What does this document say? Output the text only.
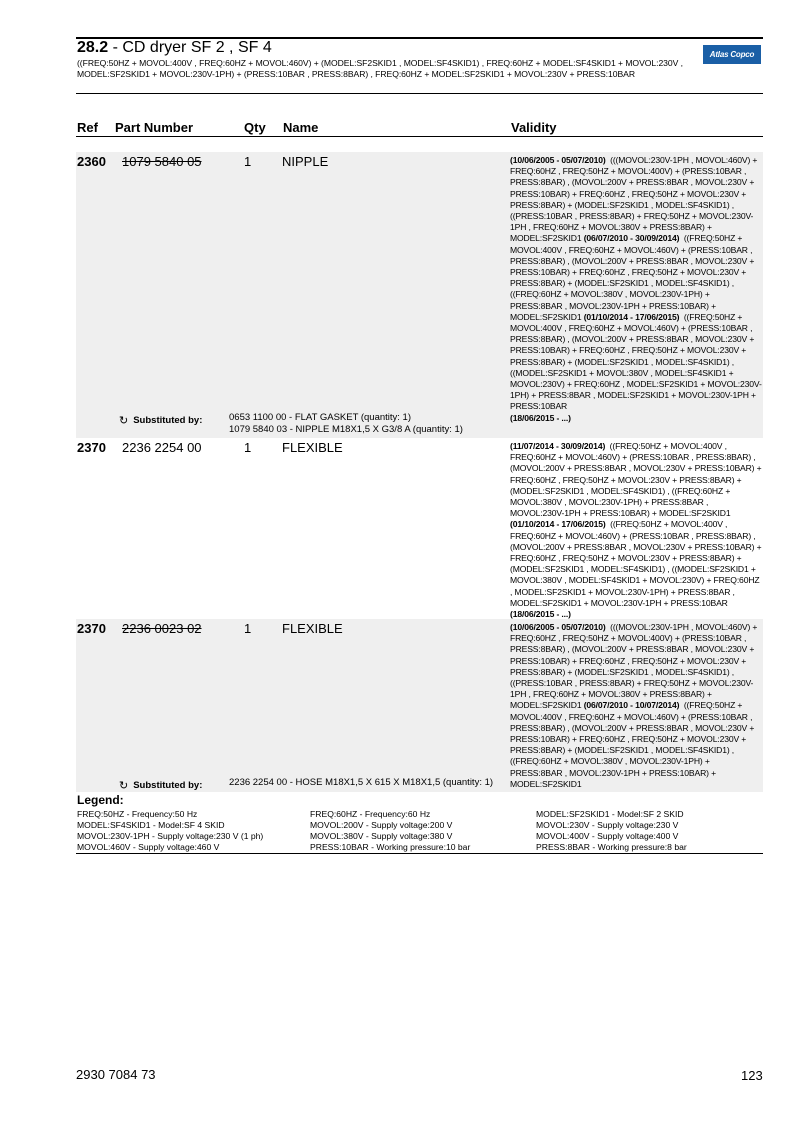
28.2 - CD dryer SF 2 , SF 4
((FREQ:50HZ + MOVOL:400V , FREQ:60HZ + MOVOL:460V) + (MODEL:SF2SKID1 , MODEL:SF4SKID1) , FREQ:60HZ + MODEL:SF4SKID1 + MOVOL:230V , MODEL:SF2SKID1 + MOVOL:230V-1PH) + (PRESS:10BAR , PRESS:8BAR) , FREQ:60HZ + MODEL:SF2SKID1 + MOVOL:230V + PRESS:10BAR
Atlas Copco
Ref Part Number	Qty Name	Validity
2360 1079 5840 05	1 NIPPLE	(10/06/2005 - 05/07/2010) (((MOVOL:230V-1PH , MOVOL:460V) + FREQ:60HZ , FREQ:50HZ + MOVOL:400V) + (PRESS:10BAR , PRESS:8BAR) , (MOVOL:200V + PRESS:8BAR , MOVOL:230V + PRESS:10BAR) + FREQ:60HZ , FREQ:50HZ + MOVOL:230V + PRESS:8BAR) + (MODEL:SF2SKID1 , MODEL:SF4SKID1) , ((PRESS:10BAR , PRESS:8BAR) + FREQ:50HZ + MOVOL:230V-1PH , FREQ:60HZ + MOVOL:380V + PRESS:8BAR) + MODEL:SF2SKID1 (06/07/2010 - 30/09/2014) ((FREQ:50HZ + MOVOL:400V , FREQ:60HZ + MOVOL:460V) + (PRESS:10BAR , PRESS:8BAR) , (MOVOL:200V + PRESS:8BAR , MOVOL:230V + PRESS:10BAR) + FREQ:60HZ , FREQ:50HZ + MOVOL:230V + PRESS:8BAR) + (MODEL:SF2SKID1 , MODEL:SF4SKID1) , ((FREQ:60HZ + MOVOL:380V , MOVOL:230V-1PH) + PRESS:8BAR , MOVOL:230V-1PH + PRESS:10BAR) + MODEL:SF2SKID1 (01/10/2014 - 17/06/2015) ((FREQ:50HZ + MOVOL:400V , FREQ:60HZ + MOVOL:460V) + (PRESS:10BAR , PRESS:8BAR) , (MOVOL:200V + PRESS:8BAR , MOVOL:230V + PRESS:10BAR) + FREQ:60HZ , FREQ:50HZ + MOVOL:230V + PRESS:8BAR) + (MODEL:SF2SKID1 , MODEL:SF4SKID1) , ((MODEL:SF2SKID1 + MOVOL:380V , MODEL:SF4SKID1 + MOVOL:230V) + FREQ:60HZ , MODEL:SF2SKID1 + MOVOL:230V-1PH) + PRESS:8BAR , MODEL:SF2SKID1 + MOVOL:230V-1PH + PRESS:10BAR
(18/06/2015 - ...)
↻ Substituted by:	0653 1100 00 - FLAT GASKET (quantity: 1)
1079 5840 03 - NIPPLE M18X1,5 X G3/8 A (quantity: 1)
2370 2236 2254 00	1 FLEXIBLE	(11/07/2014 - 30/09/2014) ((FREQ:50HZ + MOVOL:400V , FREQ:60HZ + MOVOL:460V) + (PRESS:10BAR , PRESS:8BAR) , (MOVOL:200V + PRESS:8BAR , MOVOL:230V + PRESS:10BAR) + FREQ:60HZ , FREQ:50HZ + MOVOL:230V + PRESS:8BAR) + (MODEL:SF2SKID1 , MODEL:SF4SKID1) , ((FREQ:60HZ + MOVOL:380V , MOVOL:230V-1PH) + PRESS:8BAR , MOVOL:230V-1PH + PRESS:10BAR) + MODEL:SF2SKID1 (01/10/2014 - 17/06/2015) ((FREQ:50HZ + MOVOL:400V , FREQ:60HZ + MOVOL:460V) + (PRESS:10BAR , PRESS:8BAR) , (MOVOL:200V + PRESS:8BAR , MOVOL:230V + PRESS:10BAR) + FREQ:60HZ , FREQ:50HZ + MOVOL:230V + PRESS:8BAR) + (MODEL:SF2SKID1 , MODEL:SF4SKID1) , ((MODEL:SF2SKID1 + MOVOL:380V , MODEL:SF4SKID1 + MOVOL:230V) + FREQ:60HZ , MODEL:SF2SKID1 + MOVOL:230V-1PH) + PRESS:8BAR , MODEL:SF2SKID1 + MOVOL:230V-1PH + PRESS:10BAR
(18/06/2015 - ...)
2370 2236 0023 02	1 FLEXIBLE	(10/06/2005 - 05/07/2010) (((MOVOL:230V-1PH , MOVOL:460V) + FREQ:60HZ , FREQ:50HZ + MOVOL:400V) + (PRESS:10BAR , PRESS:8BAR) , (MOVOL:200V + PRESS:8BAR , MOVOL:230V + PRESS:10BAR) + FREQ:60HZ , FREQ:50HZ + MOVOL:230V + PRESS:8BAR) + (MODEL:SF2SKID1 , MODEL:SF4SKID1) , ((PRESS:10BAR , PRESS:8BAR) + FREQ:50HZ + MOVOL:230V-1PH , FREQ:60HZ + MOVOL:380V + PRESS:8BAR) + MODEL:SF2SKID1 (06/07/2010 - 10/07/2014) ((FREQ:50HZ + MOVOL:400V , FREQ:60HZ + MOVOL:460V) + (PRESS:10BAR , PRESS:8BAR) , (MOVOL:200V + PRESS:8BAR , MOVOL:230V + PRESS:10BAR) + FREQ:60HZ , FREQ:50HZ + MOVOL:230V + PRESS:8BAR) + (MODEL:SF2SKID1 , MODEL:SF4SKID1) , ((FREQ:60HZ + MOVOL:380V , MOVOL:230V-1PH) + PRESS:8BAR , MOVOL:230V-1PH + PRESS:10BAR) + MODEL:SF2SKID1
↻ Substituted by:	2236 2254 00 - HOSE M18X1,5 X 615 X M18X1,5 (quantity: 1)
Legend:
FREQ:50HZ - Frequency:50 Hz	FREQ:60HZ - Frequency:60 Hz	MODEL:SF2SKID1 - Model:SF 2 SKID
MODEL:SF4SKID1 - Model:SF 4 SKID	MOVOL:200V - Supply voltage:200 V	MOVOL:230V - Supply voltage:230 V
MOVOL:230V-1PH - Supply voltage:230 V (1 ph)	MOVOL:380V - Supply voltage:380 V	MOVOL:400V - Supply voltage:400 V
MOVOL:460V - Supply voltage:460 V	PRESS:10BAR - Working pressure:10 bar	PRESS:8BAR - Working pressure:8 bar
2930 7084 73	123
